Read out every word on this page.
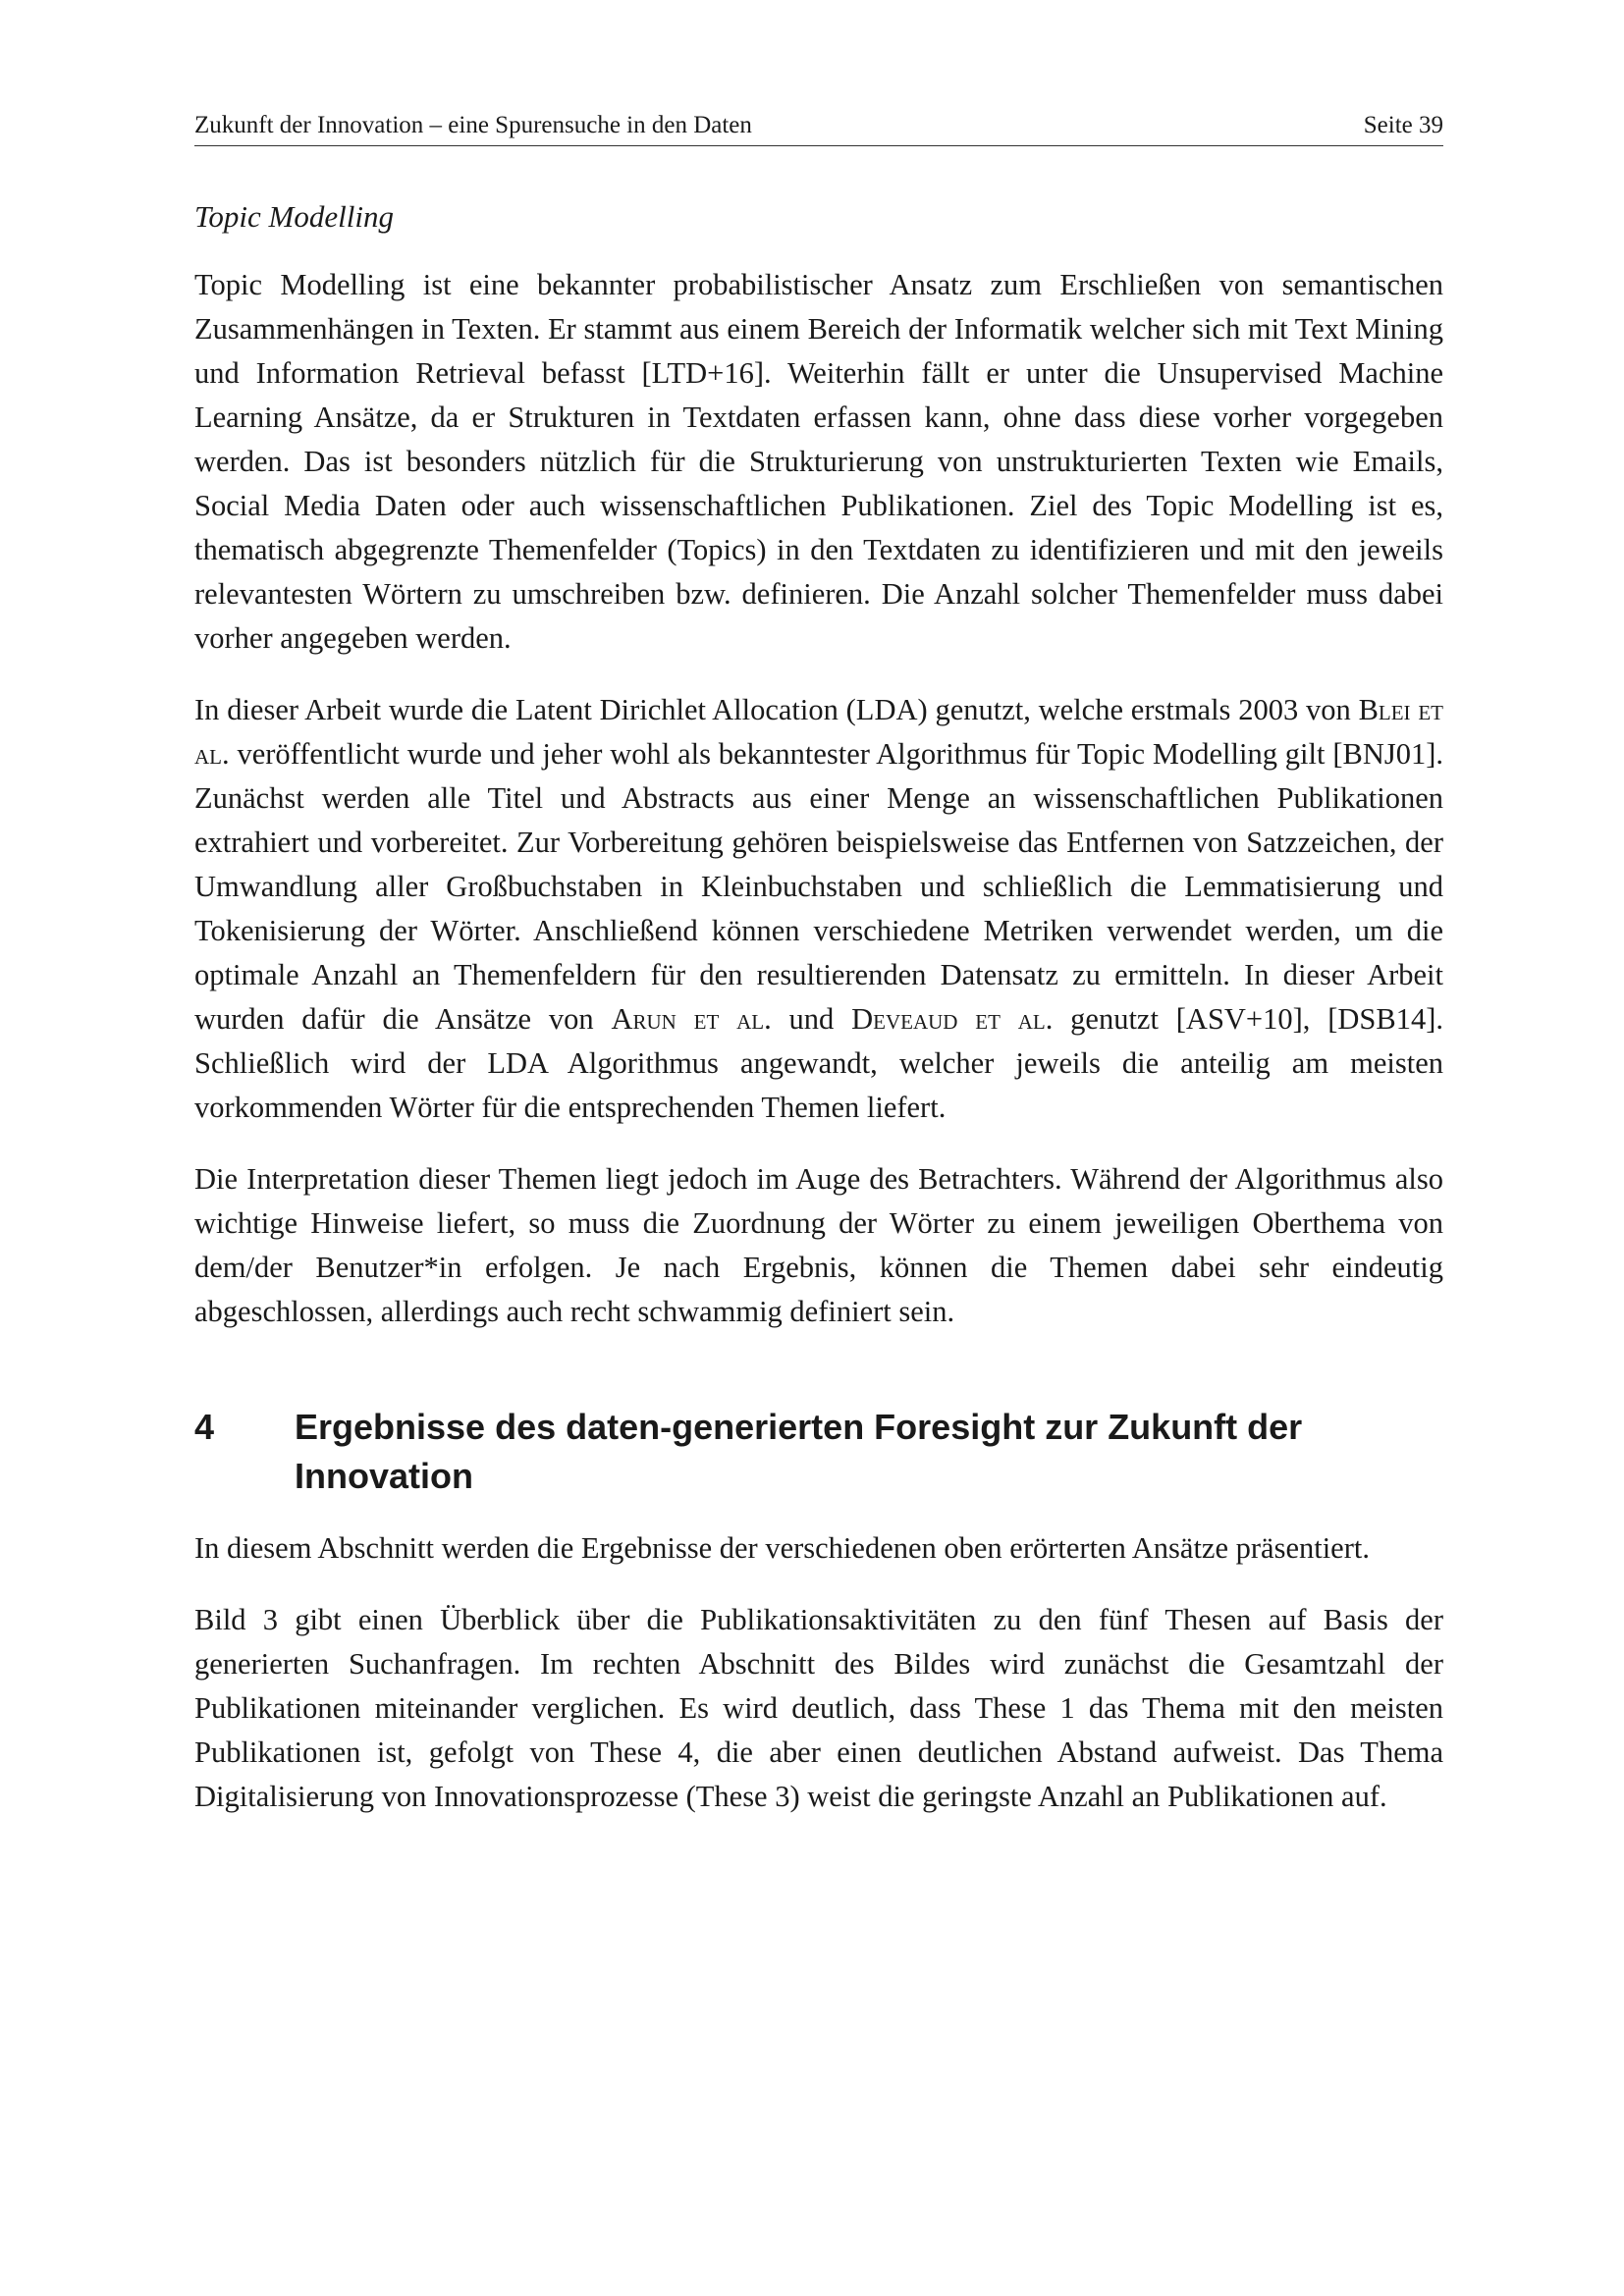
Zukunft der Innovation – eine Spurensuche in den Daten	Seite 39
Topic Modelling

Topic Modelling ist eine bekannter probabilistischer Ansatz zum Erschließen von semantischen Zusammenhängen in Texten. Er stammt aus einem Bereich der Informatik welcher sich mit Text Mining und Information Retrieval befasst [LTD+16]. Weiterhin fällt er unter die Unsupervised Machine Learning Ansätze, da er Strukturen in Textdaten erfassen kann, ohne dass diese vorher vorgegeben werden. Das ist besonders nützlich für die Strukturierung von unstrukturierten Texten wie Emails, Social Media Daten oder auch wissenschaftlichen Publikationen. Ziel des Topic Modelling ist es, thematisch abgegrenzte Themenfelder (Topics) in den Textdaten zu identifizieren und mit den jeweils relevantesten Wörtern zu umschreiben bzw. definieren. Die Anzahl solcher Themenfelder muss dabei vorher angegeben werden.

In dieser Arbeit wurde die Latent Dirichlet Allocation (LDA) genutzt, welche erstmals 2003 von Blei et al. veröffentlicht wurde und jeher wohl als bekanntester Algorithmus für Topic Modelling gilt [BNJ01]. Zunächst werden alle Titel und Abstracts aus einer Menge an wissenschaftlichen Publikationen extrahiert und vorbereitet. Zur Vorbereitung gehören beispielsweise das Entfernen von Satzzeichen, der Umwandlung aller Großbuchstaben in Kleinbuchstaben und schließlich die Lemmatisierung und Tokenisierung der Wörter. Anschließend können verschiedene Metriken verwendet werden, um die optimale Anzahl an Themenfeldern für den resultierenden Datensatz zu ermitteln. In dieser Arbeit wurden dafür die Ansätze von Arun et al. und Deveaud et al. genutzt [ASV+10], [DSB14]. Schließlich wird der LDA Algorithmus angewandt, welcher jeweils die anteilig am meisten vorkommenden Wörter für die entsprechenden Themen liefert.

Die Interpretation dieser Themen liegt jedoch im Auge des Betrachters. Während der Algorithmus also wichtige Hinweise liefert, so muss die Zuordnung der Wörter zu einem jeweiligen Oberthema von dem/der Benutzer*in erfolgen. Je nach Ergebnis, können die Themen dabei sehr eindeutig abgeschlossen, allerdings auch recht schwammig definiert sein.

4 Ergebnisse des daten-generierten Foresight zur Zukunft der Innovation

In diesem Abschnitt werden die Ergebnisse der verschiedenen oben erörterten Ansätze präsentiert.

Bild 3 gibt einen Überblick über die Publikationsaktivitäten zu den fünf Thesen auf Basis der generierten Suchanfragen. Im rechten Abschnitt des Bildes wird zunächst die Gesamtzahl der Publikationen miteinander verglichen. Es wird deutlich, dass These 1 das Thema mit den meisten Publikationen ist, gefolgt von These 4, die aber einen deutlichen Abstand aufweist. Das Thema Digitalisierung von Innovationsprozesse (These 3) weist die geringste Anzahl an Publikationen auf.
